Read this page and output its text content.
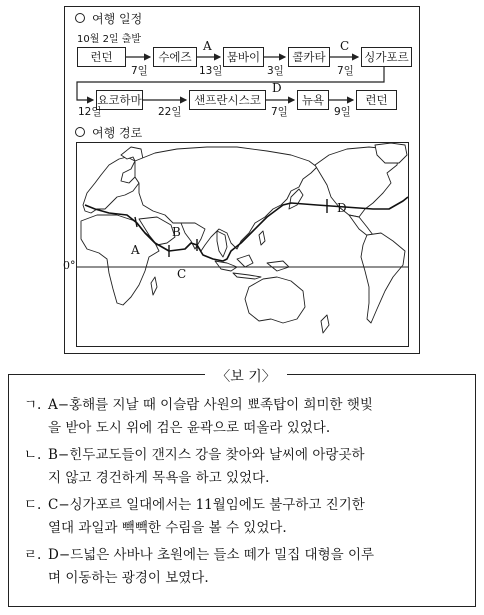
여행 일정
10월 2일 출발
런던	수에즈	뭄바이	콜카타	싱가포르
7일	13일	3일	7일
A	C
요코하마	샌프란시스코	뉴욕	런던
12일	22일	7일	9일
D
여행 경로
0°
A
B
C
D
〈보 기〉
ㄱ. A−홍해를 지날 때 이슬람 사원의 뾰족탑이 희미한 햇빛
을 받아 도시 위에 검은 윤곽으로 떠올라 있었다.
ㄴ. B−힌두교도들이 갠지스 강을 찾아와 날씨에 아랑곳하
지 않고 경건하게 목욕을 하고 있었다.
ㄷ. C−싱가포르 일대에서는 11월임에도 불구하고 진기한
열대 과일과 빽빽한 수림을 볼 수 있었다.
ㄹ. D−드넓은 사바나 초원에는 들소 떼가 밀집 대형을 이루
며 이동하는 광경이 보였다.
